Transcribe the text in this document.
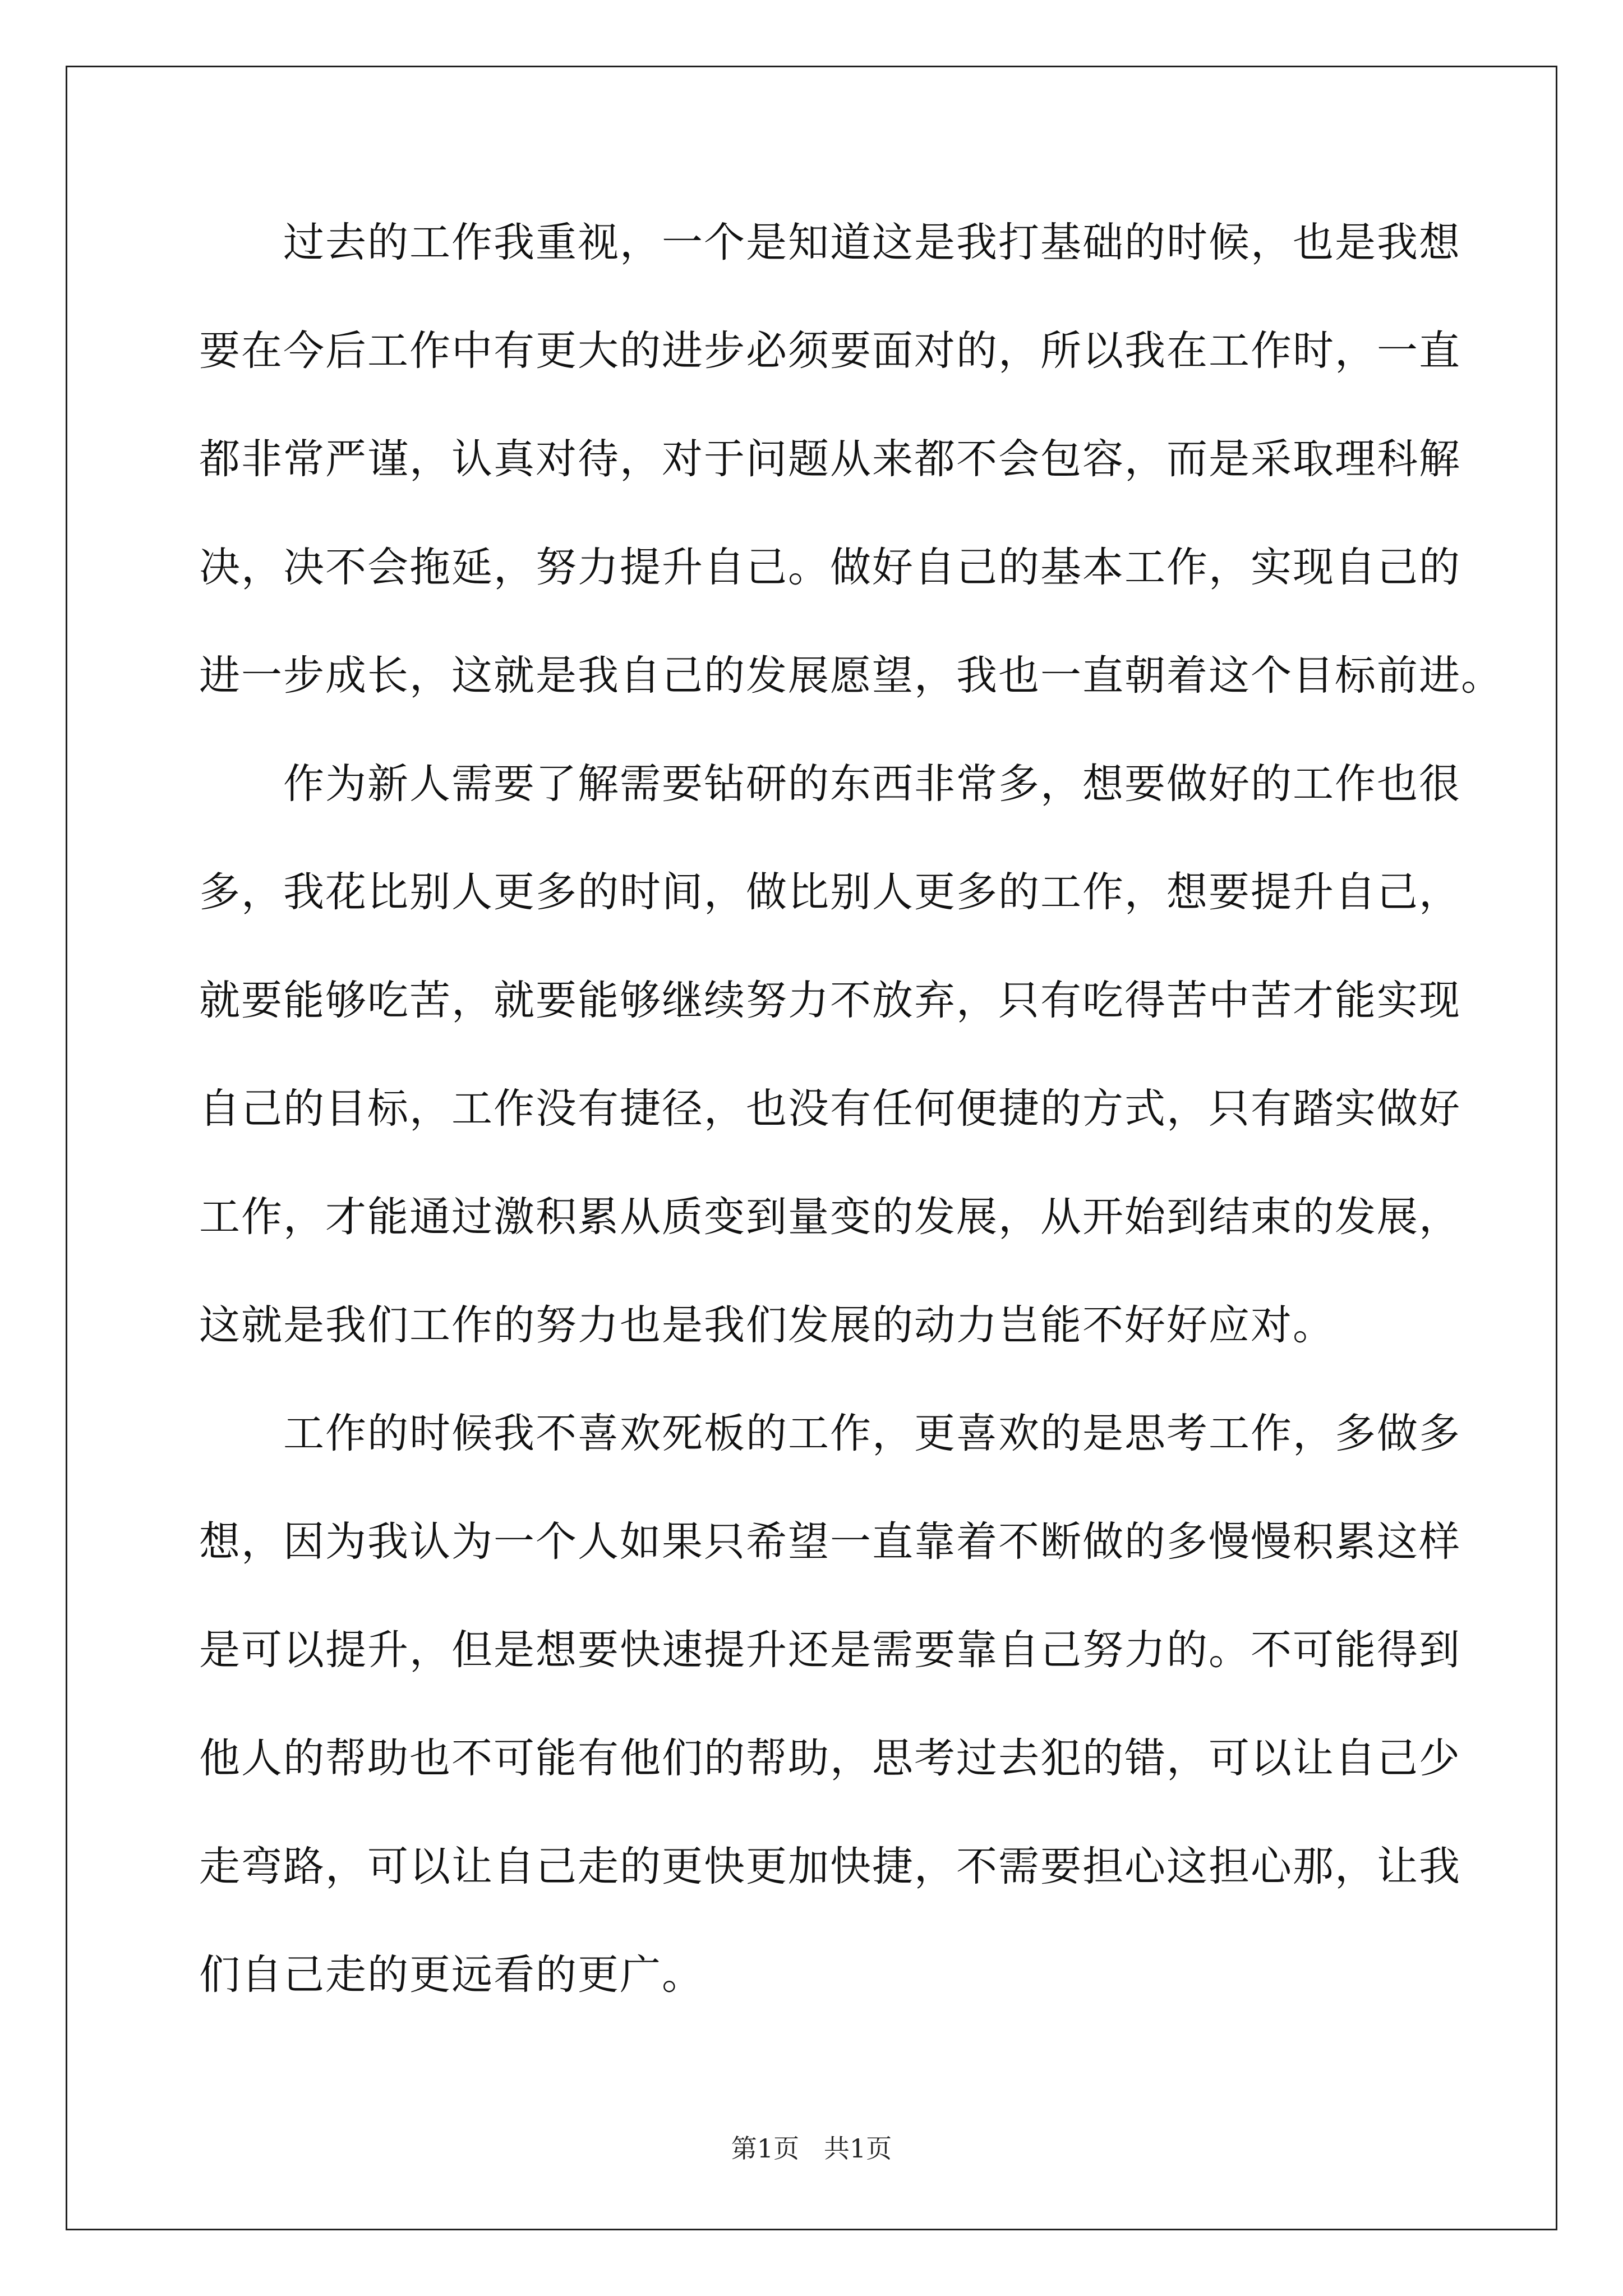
过去的工作我重视，一个是知道这是我打基础的时候，也是我想
要在今后工作中有更大的进步必须要面对的，所以我在工作时，一直
都非常严谨，认真对待，对于问题从来都不会包容，而是采取理科解
决，决不会拖延，努力提升自己。做好自己的基本工作，实现自己的
进一步成长，这就是我自己的发展愿望，我也一直朝着这个目标前进。
作为新人需要了解需要钻研的东西非常多，想要做好的工作也很
多，我花比别人更多的时间，做比别人更多的工作，想要提升自己，
就要能够吃苦，就要能够继续努力不放弃，只有吃得苦中苦才能实现
自己的目标，工作没有捷径，也没有任何便捷的方式，只有踏实做好
工作，才能通过激积累从质变到量变的发展，从开始到结束的发展，
这就是我们工作的努力也是我们发展的动力岂能不好好应对。
工作的时候我不喜欢死板的工作，更喜欢的是思考工作，多做多
想，因为我认为一个人如果只希望一直靠着不断做的多慢慢积累这样
是可以提升，但是想要快速提升还是需要靠自己努力的。不可能得到
他人的帮助也不可能有他们的帮助，思考过去犯的错，可以让自己少
走弯路，可以让自己走的更快更加快捷，不需要担心这担心那，让我
们自己走的更远看的更广。
第1页   共1页
